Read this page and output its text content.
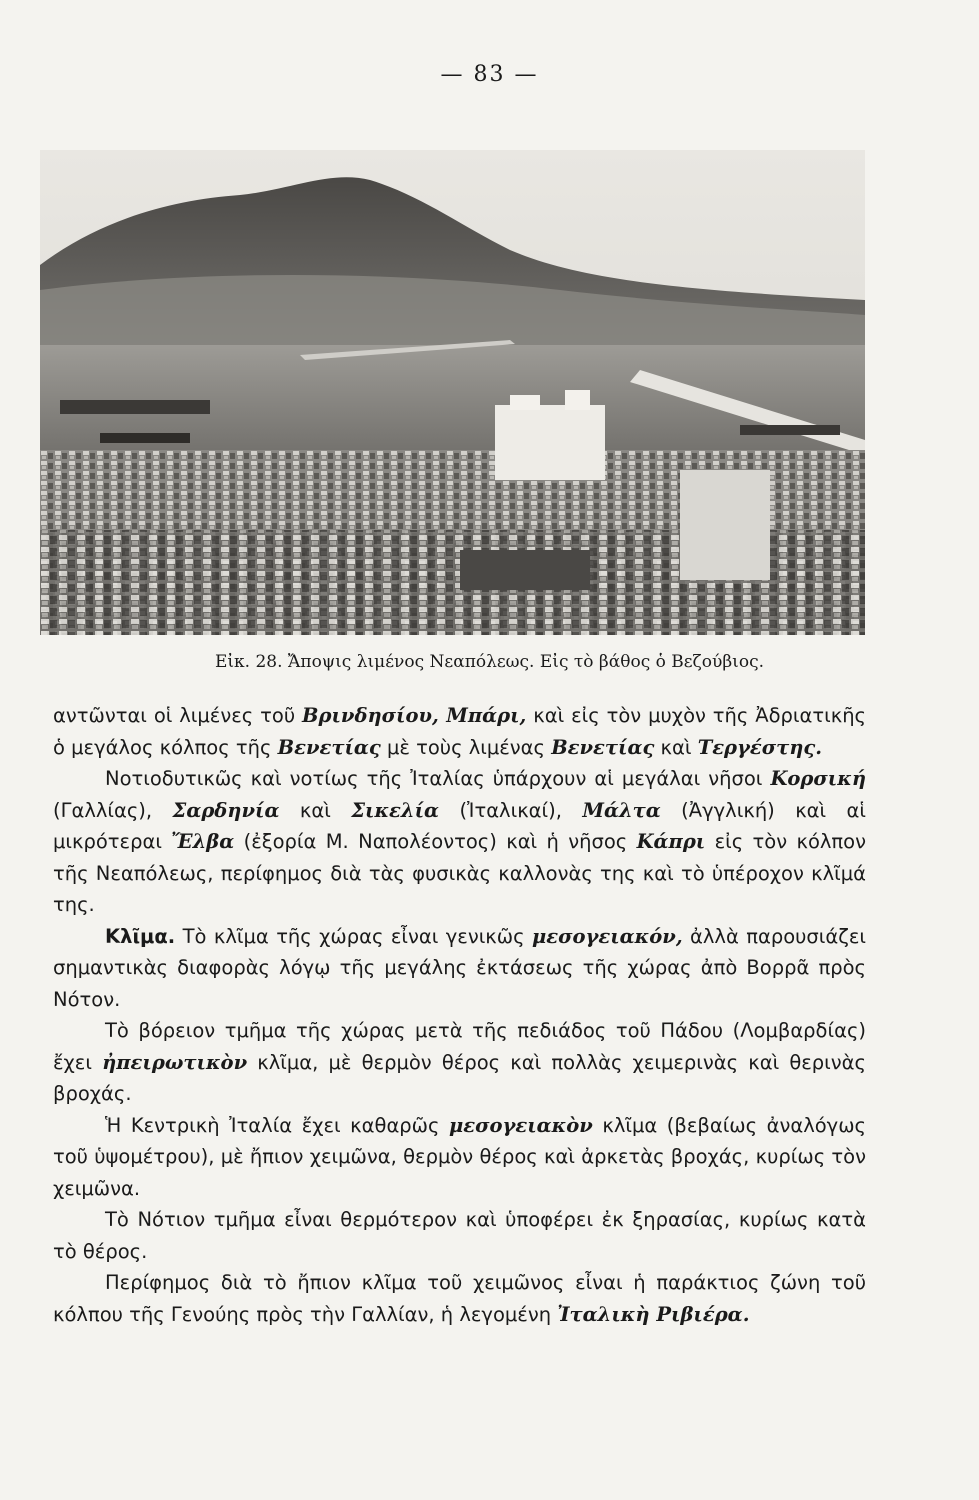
— 83 —
Εἰκ. 28. Ἄποψις λιμένος Νεαπόλεως. Εἰς τὸ βάθος ὁ Βεζούβιος.

αντῶνται οἱ λιμένες τοῦ Βρινδησίου, Μπάρι, καὶ εἰς τὸν μυχὸν τῆς Ἀδριατικῆς ὁ μεγάλος κόλπος τῆς Βενετίας μὲ τοὺς λιμένας Βενετίας καὶ Τεργέστης.

Νοτιοδυτικῶς καὶ νοτίως τῆς Ἰταλίας ὑπάρχουν αἱ μεγάλαι νῆσοι Κορσική (Γαλλίας), Σαρδηνία καὶ Σικελία (Ἰταλικαί), Μάλτα (Ἀγγλική) καὶ αἱ μικρότεραι Ἔλβα (ἐξορία Μ. Ναπολέοντος) καὶ ἡ νῆσος Κάπρι εἰς τὸν κόλπον τῆς Νεαπόλεως, περίφημος διὰ τὰς φυσικὰς καλλονὰς της καὶ τὸ ὑπέροχον κλῖμά της.

Κλῖμα. Τὸ κλῖμα τῆς χώρας εἶναι γενικῶς μεσογειακόν, ἀλλὰ παρουσιάζει σημαντικὰς διαφορὰς λόγῳ τῆς μεγάλης ἐκτάσεως τῆς χώρας ἀπὸ Βορρᾶ πρὸς Νότον.

Τὸ βόρειον τμῆμα τῆς χώρας μετὰ τῆς πεδιάδος τοῦ Πάδου (Λομβαρδίας) ἔχει ἠπειρωτικὸν κλῖμα, μὲ θερμὸν θέρος καὶ πολλὰς χειμερινὰς καὶ θερινὰς βροχάς.

Ἡ Κεντρικὴ Ἰταλία ἔχει καθαρῶς μεσογειακὸν κλῖμα (βεβαίως ἀναλόγως τοῦ ὑψομέτρου), μὲ ἤπιον χειμῶνα, θερμὸν θέρος καὶ ἀρκετὰς βροχάς, κυρίως τὸν χειμῶνα.

Τὸ Νότιον τμῆμα εἶναι θερμότερον καὶ ὑποφέρει ἐκ ξηρασίας, κυρίως κατὰ τὸ θέρος.

Περίφημος διὰ τὸ ἤπιον κλῖμα τοῦ χειμῶνος εἶναι ἡ παράκτιος ζώνη τοῦ κόλπου τῆς Γενούης πρὸς τὴν Γαλλίαν, ἡ λεγομένη Ἰταλικὴ Ριβιέρα.
